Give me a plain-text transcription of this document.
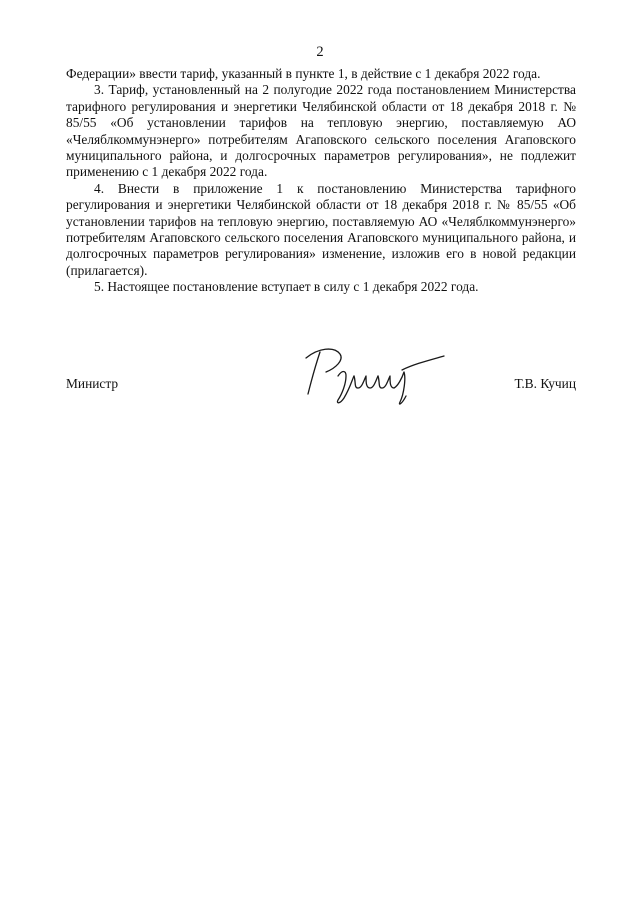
2

Федерации» ввести тариф, указанный в пункте 1, в действие с 1 декабря 2022 года.

3. Тариф, установленный на 2 полугодие 2022 года постановлением Министерства тарифного регулирования и энергетики Челябинской области от 18 декабря 2018 г. № 85/55 «Об установлении тарифов на тепловую энергию, поставляемую АО «Челяблкоммунэнерго» потребителям Агаповского сельского поселения Агаповского муниципального района, и долгосрочных параметров регулирования», не подлежит применению с 1 декабря 2022 года.

4. Внести в приложение 1 к постановлению Министерства тарифного регулирования и энергетики Челябинской области от 18 декабря 2018 г. № 85/55 «Об установлении тарифов на тепловую энергию, поставляемую АО «Челяблкоммунэнерго» потребителям Агаповского сельского поселения Агаповского муниципального района, и долгосрочных параметров регулирования» изменение, изложив его в новой редакции (прилагается).

5. Настоящее постановление вступает в силу с 1 декабря 2022 года.

Министр	Т.В. Кучиц
